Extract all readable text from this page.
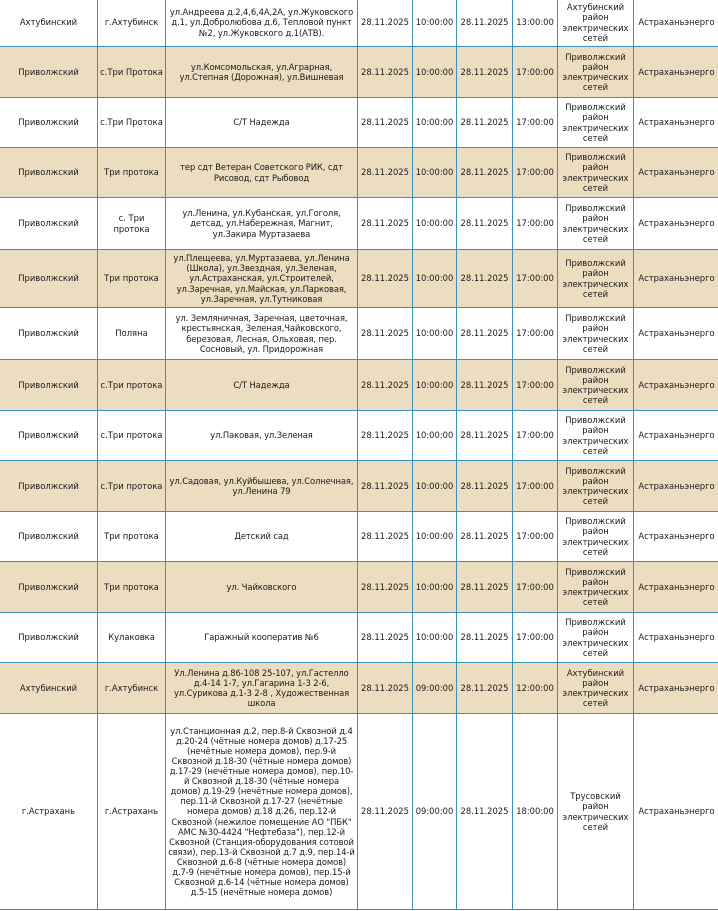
Ахтубинский	г.Ахтубинск	ул.Андреева д.2,4,6,4А,2А, ул.Жуковского д.1, ул.Добролюбова д.6, Тепловой пункт №2, ул.Жуковского д.1(АТВ).	28.11.2025	10:00:00	28.11.2025	13:00:00	Ахтубинский район электрических сетей	Астраханьэнерго
Приволжский	с.Три Протока	ул.Комсомольская, ул.Аграрная, ул.Степная (Дорожная), ул.Вишневая	28.11.2025	10:00:00	28.11.2025	17:00:00	Приволжский район электрических сетей	Астраханьэнерго
Приволжский	с.Три Протока	С/Т Надежда	28.11.2025	10:00:00	28.11.2025	17:00:00	Приволжский район электрических сетей	Астраханьэнерго
Приволжский	Три протока	тер сдт Ветеран Советского РИК, сдт Рисовод, сдт Рыбовод	28.11.2025	10:00:00	28.11.2025	17:00:00	Приволжский район электрических сетей	Астраханьэнерго
Приволжский	с. Три протока	ул.Ленина, ул.Кубанская, ул.Гоголя, детсад, ул.Набережная, Магнит, ул.Закира Муртазаева	28.11.2025	10:00:00	28.11.2025	17:00:00	Приволжский район электрических сетей	Астраханьэнерго
Приволжский	Три протока	ул.Плещеева, ул.Муртазаева, ул.Ленина (Школа), ул.Звездная, ул.Зеленая, ул.Астраханская, ул.Строителей, ул.Заречная, ул.Майская, ул.Парковая, ул.Заречная, ул.Тутниковая	28.11.2025	10:00:00	28.11.2025	17:00:00	Приволжский район электрических сетей	Астраханьэнерго
Приволжский	Поляна	ул. Земляничная, Заречная, цветочная, крестьянская, Зеленая,Чайковского, березовая, Лесная, Ольховая, пер. Сосновый, ул. Придорожная	28.11.2025	10:00:00	28.11.2025	17:00:00	Приволжский район электрических сетей	Астраханьэнерго
Приволжский	с.Три протока	С/Т Надежда	28.11.2025	10:00:00	28.11.2025	17:00:00	Приволжский район электрических сетей	Астраханьэнерго
Приволжский	с.Три протока	ул.Паковая, ул.Зеленая	28.11.2025	10:00:00	28.11.2025	17:00:00	Приволжский район электрических сетей	Астраханьэнерго
Приволжский	с.Три протока	ул.Садовая, ул.Куйбышева, ул.Солнечная, ул.Ленина 79	28.11.2025	10:00:00	28.11.2025	17:00:00	Приволжский район электрических сетей	Астраханьэнерго
Приволжский	Три протока	Детский сад	28.11.2025	10:00:00	28.11.2025	17:00:00	Приволжский район электрических сетей	Астраханьэнерго
Приволжский	Три протока	ул. Чайковского	28.11.2025	10:00:00	28.11.2025	17:00:00	Приволжский район электрических сетей	Астраханьэнерго
Приволжский	Кулаковка	Гаражный кооператив №6	28.11.2025	10:00:00	28.11.2025	17:00:00	Приволжский район электрических сетей	Астраханьэнерго
Ахтубинский	г.Ахтубинск	Ул.Ленина д.86-108 25-107, ул.Гастелло д.4-14 1-7, ул.Гагарина 1-3 2-6, ул.Сурикова д.1-3 2-8 , Художественная школа	28.11.2025	09:00:00	28.11.2025	12:00:00	Ахтубинский район электрических сетей	Астраханьэнерго
г.Астрахань	г.Астрахань	ул.Станционная д.2, пер.8-й Сквозной д.4 д.20-24 (чётные номера домов) д.17-25 (нечётные номера домов), пер.9-й Сквозной д.18-30 (чётные номера домов) д.17-29 (нечётные номера домов), пер.10-й Сквозной д.18-30 (чётные номера домов) д.19-29 (нечётные номера домов), пер.11-й Сквозной д.17-27 (нечётные номера домов) д.18 д.26, пер.12-й Сквозной (нежилое помещение АО "ПБК" АМС №30-4424 "Нефтебаза"), пер.12-й Сквозной (Станция-оборудования сотовой связи), пер.13-й Сквозной д.7 д.9, пер.14-й Сквозной д.6-8 (чётные номера домов) д.7-9 (нечётные номера домов), пер.15-й Сквозной д.6-14 (чётные номера домов) д.5-15 (нечётные номера домов)	28.11.2025	09:00:00	28.11.2025	18:00:00	Трусовский район электрических сетей	Астраханьэнерго
